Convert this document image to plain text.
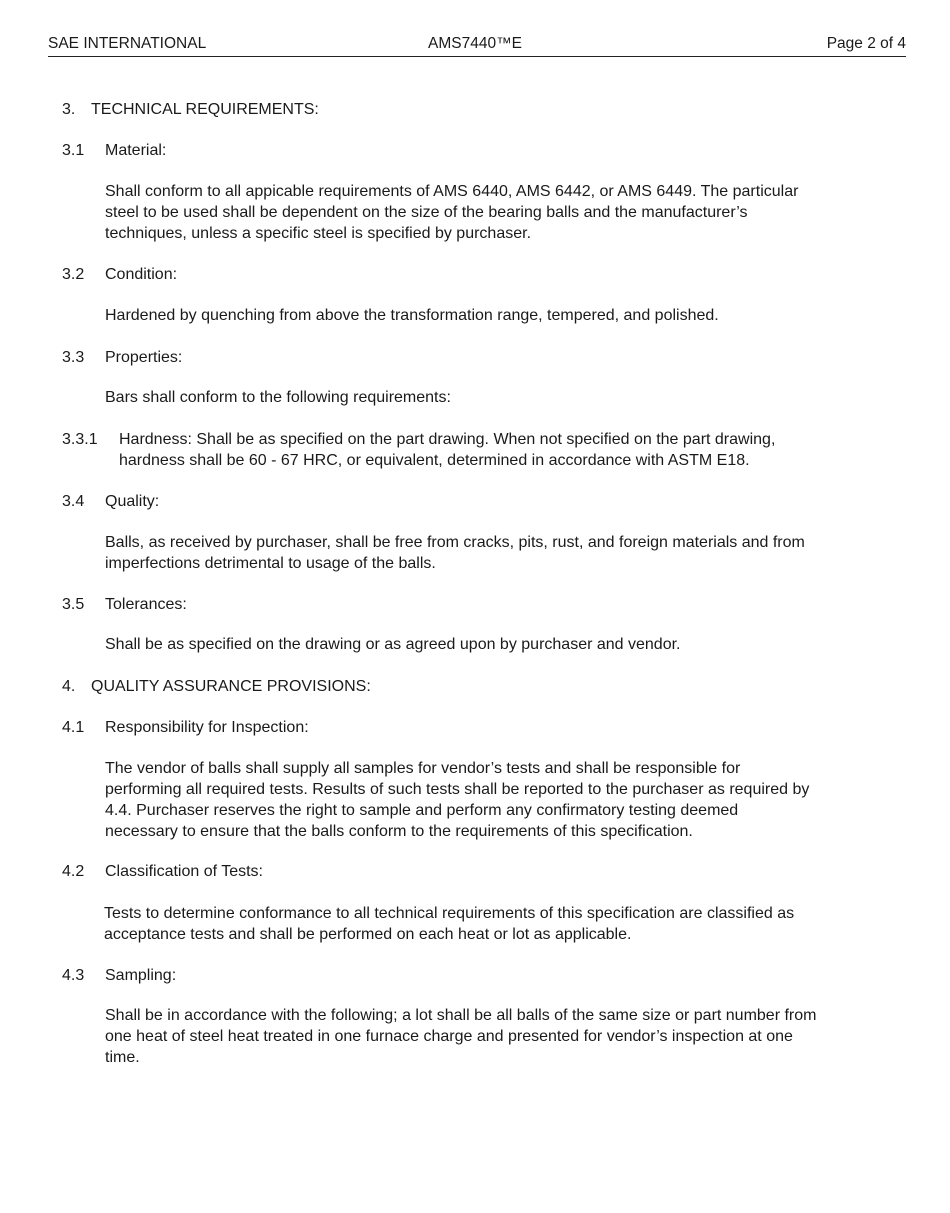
SAE INTERNATIONAL	AMS7440™E	Page 2 of 4
3. TECHNICAL REQUIREMENTS:
3.1 Material:
Shall conform to all appicable requirements of AMS 6440, AMS 6442, or AMS 6449. The particular
steel to be used shall be dependent on the size of the bearing balls and the manufacturer’s
techniques, unless a specific steel is specified by purchaser.
3.2 Condition:
Hardened by quenching from above the transformation range, tempered, and polished.
3.3 Properties:
Bars shall conform to the following requirements:
3.3.1 Hardness: Shall be as specified on the part drawing. When not specified on the part drawing,
hardness shall be 60 - 67 HRC, or equivalent, determined in accordance with ASTM E18.
3.4 Quality:
Balls, as received by purchaser, shall be free from cracks, pits, rust, and foreign materials and from
imperfections detrimental to usage of the balls.
3.5 Tolerances:
Shall be as specified on the drawing or as agreed upon by purchaser and vendor.
4. QUALITY ASSURANCE PROVISIONS:
4.1 Responsibility for Inspection:
The vendor of balls shall supply all samples for vendor’s tests and shall be responsible for
performing all required tests. Results of such tests shall be reported to the purchaser as required by
4.4. Purchaser reserves the right to sample and perform any confirmatory testing deemed
necessary to ensure that the balls conform to the requirements of this specification.
4.2 Classification of Tests:
Tests to determine conformance to all technical requirements of this specification are classified as
acceptance tests and shall be performed on each heat or lot as applicable.
4.3 Sampling:
Shall be in accordance with the following; a lot shall be all balls of the same size or part number from
one heat of steel heat treated in one furnace charge and presented for vendor’s inspection at one
time.
